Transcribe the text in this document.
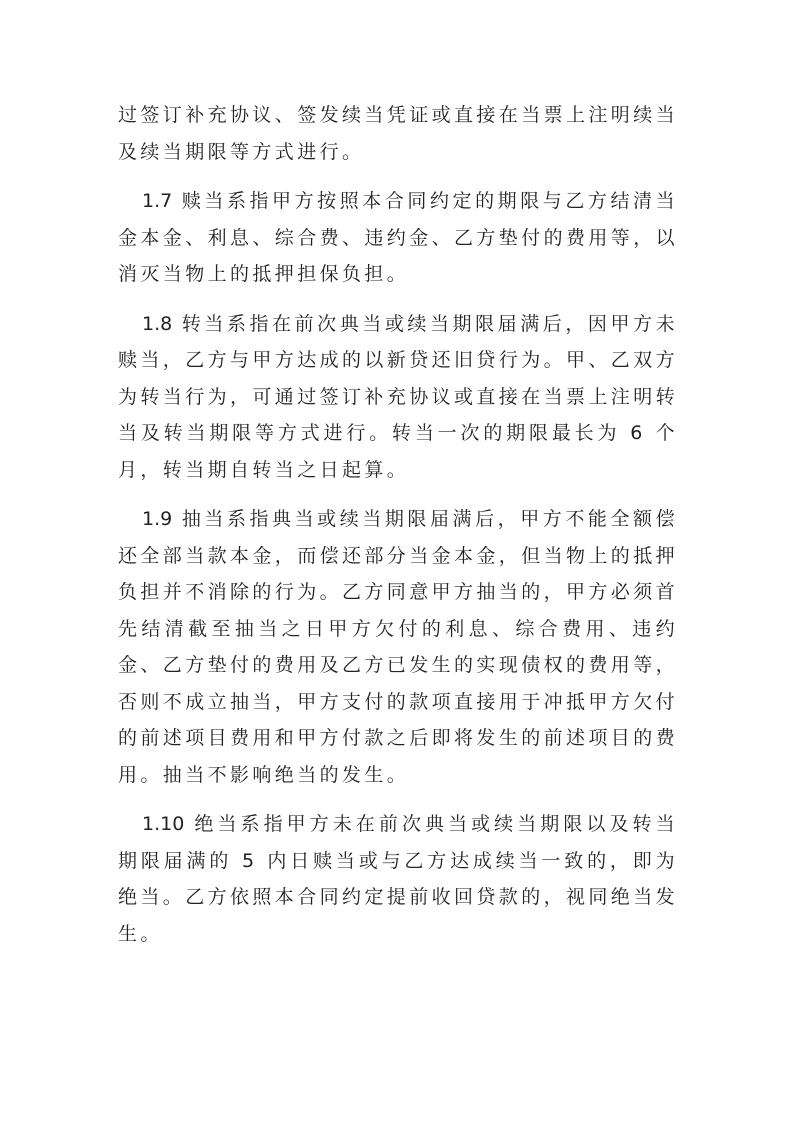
过签订补充协议、签发续当凭证或直接在当票上注明续当及续当期限等方式进行。

1.7 赎当系指甲方按照本合同约定的期限与乙方结清当金本金、利息、综合费、违约金、乙方垫付的费用等，以消灭当物上的抵押担保负担。

1.8 转当系指在前次典当或续当期限届满后，因甲方未赎当，乙方与甲方达成的以新贷还旧贷行为。甲、乙双方为转当行为，可通过签订补充协议或直接在当票上注明转当及转当期限等方式进行。转当一次的期限最长为 6 个月，转当期自转当之日起算。

1.9 抽当系指典当或续当期限届满后，甲方不能全额偿还全部当款本金，而偿还部分当金本金，但当物上的抵押负担并不消除的行为。乙方同意甲方抽当的，甲方必须首先结清截至抽当之日甲方欠付的利息、综合费用、违约金、乙方垫付的费用及乙方已发生的实现债权的费用等，否则不成立抽当，甲方支付的款项直接用于冲抵甲方欠付的前述项目费用和甲方付款之后即将发生的前述项目的费用。抽当不影响绝当的发生。

1.10 绝当系指甲方未在前次典当或续当期限以及转当期限届满的 5 内日赎当或与乙方达成续当一致的，即为绝当。乙方依照本合同约定提前收回贷款的，视同绝当发生。
